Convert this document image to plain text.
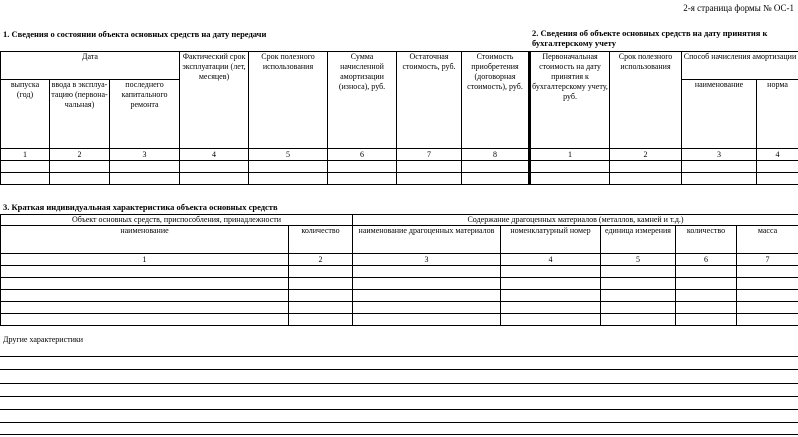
2-я страница формы № ОС-1
1. Сведения о состоянии объекта основных средств на дату передачи	2. Сведения об объекте основных средств на дату принятия к бухгалтерскому учету
Дата			Фактический срок эксплуатации (лет, месяцев)	Срок полезного использования	Сумма начисленной амортизации (износа), руб.	Остаточная стоимость, руб.	Стоимость приобретения (договорная стоимость), руб.	Первоначальная стоимость на дату принятия к бухгалтерскому учету, руб.	Срок полезного использования	Способ начисления амортизации	
выпуска (год)	ввода в эксплуа-тацию (первона-чальная)	последнего капитального ремонта								наименование	норма
1	2	3	4	5	6	7	8	1	2	3	4

3. Краткая индивидуальная характеристика объекта основных средств
Объект основных средств, приспособления, принадлежности		Содержание драгоценных материалов (металлов, камней и т.д.)				
наименование	количество	наименование драгоценных материалов	номенклатурный номер	единица измерения	количество	масса
1	2	3	4	5	6	7

Другие характеристики
